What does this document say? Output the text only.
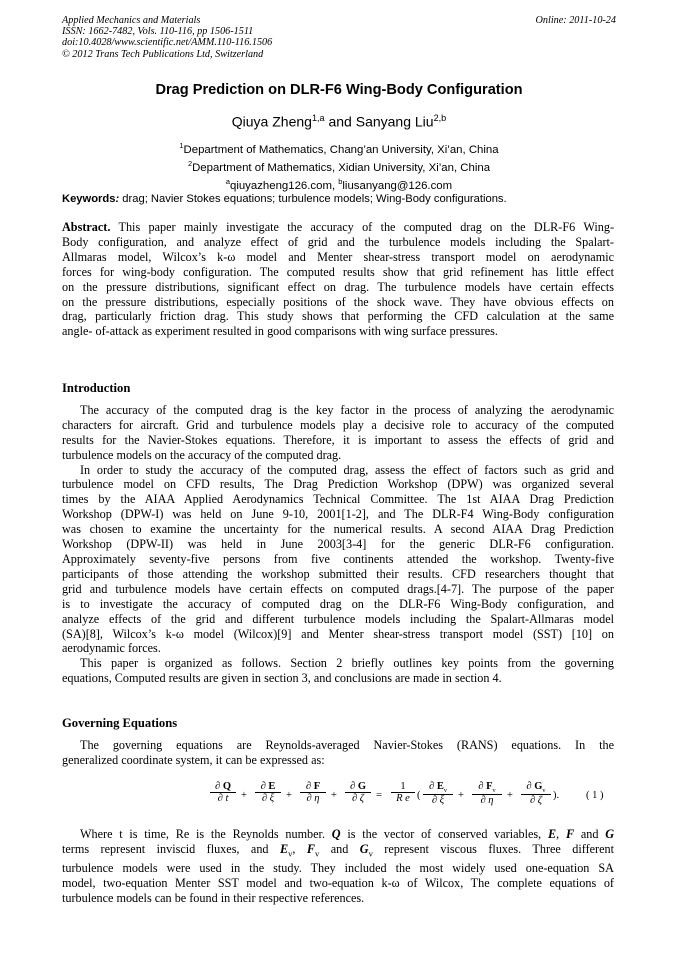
Applied Mechanics and Materials
ISSN: 1662-7482, Vols. 110-116, pp 1506-1511
doi:10.4028/www.scientific.net/AMM.110-116.1506
© 2012 Trans Tech Publications Ltd, Switzerland
Online: 2011-10-24
Drag Prediction on DLR-F6 Wing-Body Configuration
Qiuya Zheng$^{1,a}$ and Sanyang Liu$^{2,b}$
$^1$Department of Mathematics, Chang’an University, Xi’an, China
$^2$Department of Mathematics, Xidian University, Xi’an, China
$^a$qiuyazheng126.com, $^b$liusanyang@126.com
Keywords: drag; Navier Stokes equations; turbulence models; Wing-Body configurations.

Abstract. This paper mainly investigate the accuracy of the computed drag on the DLR-F6 Wing-
Body configuration, and analyze effect of grid and the turbulence models including the Spalart-
Allmaras model, Wilcox’s k-ω model and Menter shear-stress transport model on aerodynamic
forces for wing-body configuration. The computed results show that grid refinement has little effect
on the pressure distributions, significant effect on drag. The turbulence models have certain effects
on the pressure distributions, especially positions of the shock wave. They have obvious effects on
drag, particularly friction drag. This study shows that performing the CFD calculation at the same
angle- of-attack as experiment resulted in good comparisons with wing surface pressures.

Introduction

The accuracy of the computed drag is the key factor in the process of analyzing the aerodynamic
characters for aircraft. Grid and turbulence models play a decisive role to accuracy of the computed
results for the Navier-Stokes equations. Therefore, it is important to assess the effects of grid and
turbulence models on the accuracy of the computed drag.

In order to study the accuracy of the computed drag, assess the effect of factors such as grid and
turbulence model on CFD results, The Drag Prediction Workshop (DPW) was organized several
times by the AIAA Applied Aerodynamics Technical Committee. The 1st AIAA Drag Prediction
Workshop (DPW-I) was held on June 9-10, 2001[1-2], and The DLR-F4 Wing-Body configuration
was chosen to examine the uncertainty for the numerical results. A second AIAA Drag Prediction
Workshop (DPW-II) was held in June 2003[3-4] for the generic DLR-F6 configuration.
Approximately seventy-five persons from five continents attended the workshop. Twenty-five
participants of those attending the workshop submitted their results. CFD researchers thought that
grid and turbulence models have certain effects on computed drags.[4-7]. The purpose of the paper
is to investigate the accuracy of computed drag on the DLR-F6 Wing-Body configuration, and
analyze effects of the grid and different turbulence models including the Spalart-Allmaras model
(SA)[8], Wilcox’s k-ω model (Wilcox)[9] and Menter shear-stress transport model (SST) [10] on
aerodynamic forces.

This paper is organized as follows. Section 2 briefly outlines key points from the governing
equations, Computed results are given in section 3, and conclusions are made in section 4.

Governing Equations

The governing equations are Reynolds-averaged Navier-Stokes (RANS) equations. In the
generalized coordinate system, it can be expressed as:

$\frac{\partial Q}{\partial t} + \frac{\partial E}{\partial \xi} + \frac{\partial F}{\partial \eta} + \frac{\partial G}{\partial \zeta} = \frac{1}{\text{R e}}$ ( $\frac{\partial E_v}{\partial \xi} + \frac{\partial F_v}{\partial \eta} + \frac{\partial G_v}{\partial \zeta}$ ).	( 1 )

Where t is time, Re is the Reynolds number. Q is the vector of conserved variables, E, F and G
terms represent inviscid fluxes, and $E_v$, $F_v$ and $G_v$ represent viscous fluxes. Three different
turbulence models were used in the study. They included the most widely used one-equation SA
model, two-equation Menter SST model and two-equation k-ω of Wilcox, The complete equations of
turbulence models can be found in their respective references.
